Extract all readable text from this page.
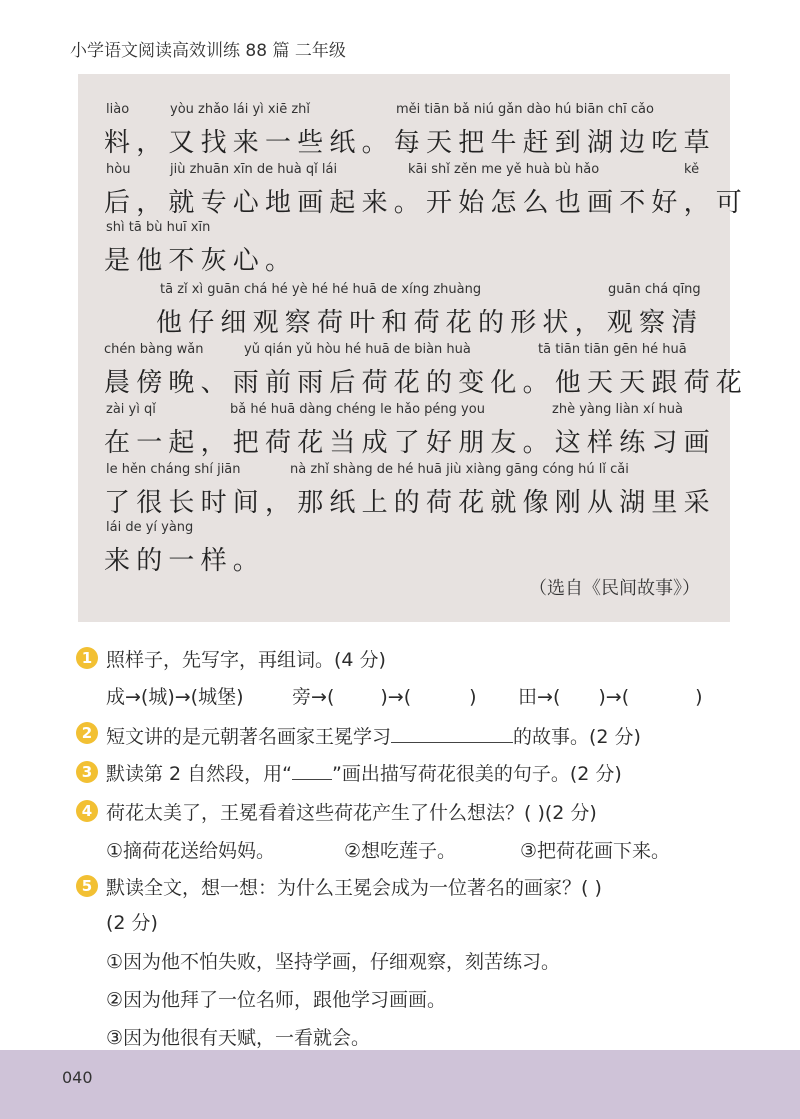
小学语文阅读高效训练 88 篇 二年级
liào	yòu zhǎo lái yì xiē zhǐ	měi tiān bǎ niú gǎn dào hú biān chī cǎo
料，又找来一些纸。每天把牛赶到湖边吃草
hòu	jiù zhuān xīn de huà qǐ lái	kāi shǐ zěn me yě huà bù hǎo	kě
后，就专心地画起来。开始怎么也画不好，可
shì tā bù huī xīn
是他不灰心。
tā zǐ xì guān chá hé yè hé hé huā de xíng zhuàng	guān chá qīng
他仔细观察荷叶和荷花的形状，观察清
chén bàng wǎn	yǔ qián yǔ hòu hé huā de biàn huà	tā tiān tiān gēn hé huā
晨傍晚、雨前雨后荷花的变化。他天天跟荷花
zài yì qǐ	bǎ hé huā dàng chéng le hǎo péng you	zhè yàng liàn xí huà
在一起，把荷花当成了好朋友。这样练习画
le hěn cháng shí jiān	nà zhǐ shàng de hé huā jiù xiàng gāng cóng hú lǐ cǎi
了很长时间，那纸上的荷花就像刚从湖里采
lái de yí yàng
来的一样。
（选自《民间故事》）
1 照样子，先写字，再组词。(4 分)
成→(城)→(城堡)	旁→( )→(	) 田→( )→(	)
2 短文讲的是元朝著名画家王冕学习	的故事。(2 分)
3 默读第 2 自然段，用“ ”画出描写荷花很美的句子。(2 分)
4 荷花太美了，王冕看着这些荷花产生了什么想法？( )(2 分)
①摘荷花送给妈妈。	②想吃莲子。	③把荷花画下来。
5 默读全文，想一想：为什么王冕会成为一位著名的画家？( )
(2 分)
①因为他不怕失败，坚持学画，仔细观察，刻苦练习。
②因为他拜了一位名师，跟他学习画画。
③因为他很有天赋，一看就会。
040
